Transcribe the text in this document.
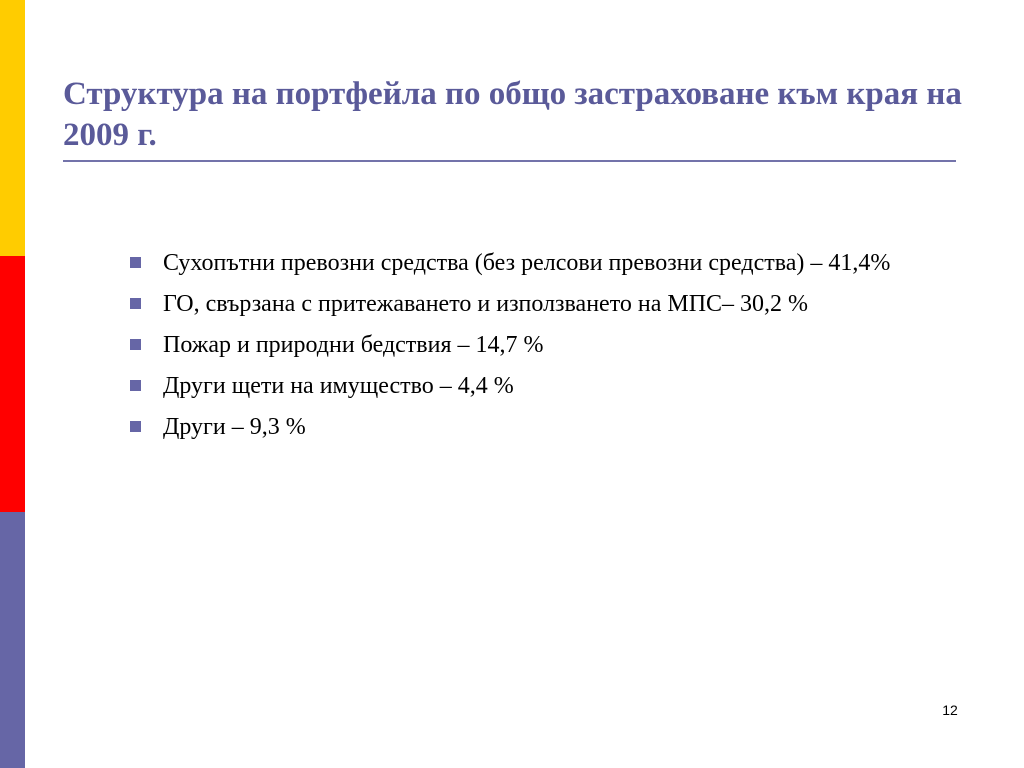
Структура на портфейла по общо застраховане към края на 2009 г.
Сухопътни превозни средства (без релсови превозни средства) – 41,4%
ГО, свързана с притежаването и използването на МПС– 30,2 %
Пожар и природни бедствия – 14,7 %
Други щети на имущество – 4,4 %
Други – 9,3 %
12
